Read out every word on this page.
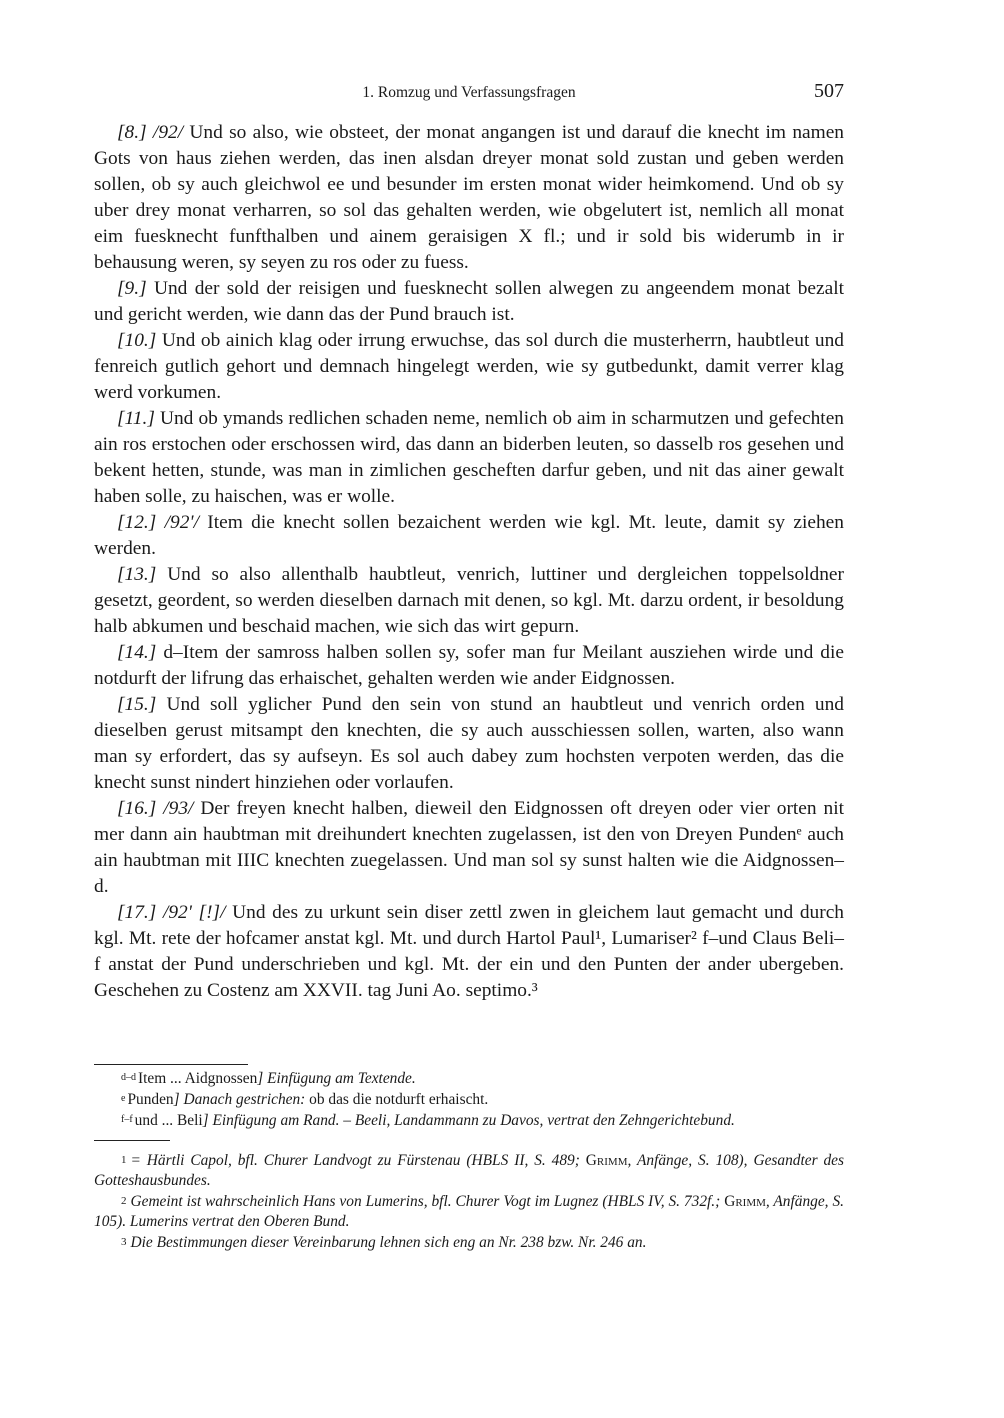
1. Romzug und Verfassungsfragen	507

[8.] /92/ Und so also, wie obsteet, der monat angangen ist und darauf die knecht im namen Gots von haus ziehen werden, das inen alsdan dreyer monat sold zustan und geben werden sollen, ob sy auch gleichwol ee und besunder im ersten monat wider heimkomend. Und ob sy uber drey monat verharren, so sol das gehalten werden, wie obgelutert ist, nemlich all monat eim fuesknecht funfthalben und ainem geraisigen X fl.; und ir sold bis widerumb in ir behausung weren, sy seyen zu ros oder zu fuess.

[9.] Und der sold der reisigen und fuesknecht sollen alwegen zu angeendem monat bezalt und gericht werden, wie dann das der Pund brauch ist.

[10.] Und ob ainich klag oder irrung erwuchse, das sol durch die musterherrn, haubtleut und fenreich gutlich gehort und demnach hingelegt werden, wie sy gutbedunkt, damit verrer klag werd vorkumen.

[11.] Und ob ymands redlichen schaden neme, nemlich ob aim in scharmutzen und gefechten ain ros erstochen oder erschossen wird, das dann an biderben leuten, so dasselb ros gesehen und bekent hetten, stunde, was man in zimlichen gescheften darfur geben, und nit das ainer gewalt haben solle, zu haischen, was er wolle.

[12.] /92'/ Item die knecht sollen bezaichent werden wie kgl. Mt. leute, damit sy ziehen werden.

[13.] Und so also allenthalb haubtleut, venrich, luttiner und dergleichen toppelsoldner gesetzt, geordent, so werden dieselben darnach mit denen, so kgl. Mt. darzu ordent, ir besoldung halb abkumen und beschaid machen, wie sich das wirt gepurn.

[14.] d–Item der samross halben sollen sy, sofer man fur Meilant ausziehen wirde und die notdurft der lifrung das erhaischet, gehalten werden wie ander Eidgnossen.

[15.] Und soll yglicher Pund den sein von stund an haubtleut und venrich orden und dieselben gerust mitsampt den knechten, die sy auch ausschiessen sollen, warten, also wann man sy erfordert, das sy aufseyn. Es sol auch dabey zum hochsten verpoten werden, das die knecht sunst nindert hinziehen oder vorlaufen.

[16.] /93/ Der freyen knecht halben, dieweil den Eidgnossen oft dreyen oder vier orten nit mer dann ain haubtman mit dreihundert knechten zugelassen, ist den von Dreyen Pundenᵉ auch ain haubtman mit IIIC knechten zuegelassen. Und man sol sy sunst halten wie die Aidgnossen–d.

[17.] /92' [!]/ Und des zu urkunt sein diser zettl zwen in gleichem laut gemacht und durch kgl. Mt. rete der hofcamer anstat kgl. Mt. und durch Hartol Paul¹, Lumariser² f–und Claus Beli–f anstat der Pund underschrieben und kgl. Mt. der ein und den Punten der ander ubergeben. Geschehen zu Costenz am XXVII. tag Juni Ao. septimo.³

d–d Item ... Aidgnossen] Einfügung am Textende.

e Punden] Danach gestrichen: ob das die notdurft erhaischt.

f–f und ... Beli] Einfügung am Rand. – Beeli, Landammann zu Davos, vertrat den Zehngerichtebund.

1 = Härtli Capol, bfl. Churer Landvogt zu Fürstenau (HBLS II, S. 489; Grimm, Anfänge, S. 108), Gesandter des Gotteshausbundes.

2 Gemeint ist wahrscheinlich Hans von Lumerins, bfl. Churer Vogt im Lugnez (HBLS IV, S. 732f.; Grimm, Anfänge, S. 105). Lumerins vertrat den Oberen Bund.

3 Die Bestimmungen dieser Vereinbarung lehnen sich eng an Nr. 238 bzw. Nr. 246 an.
